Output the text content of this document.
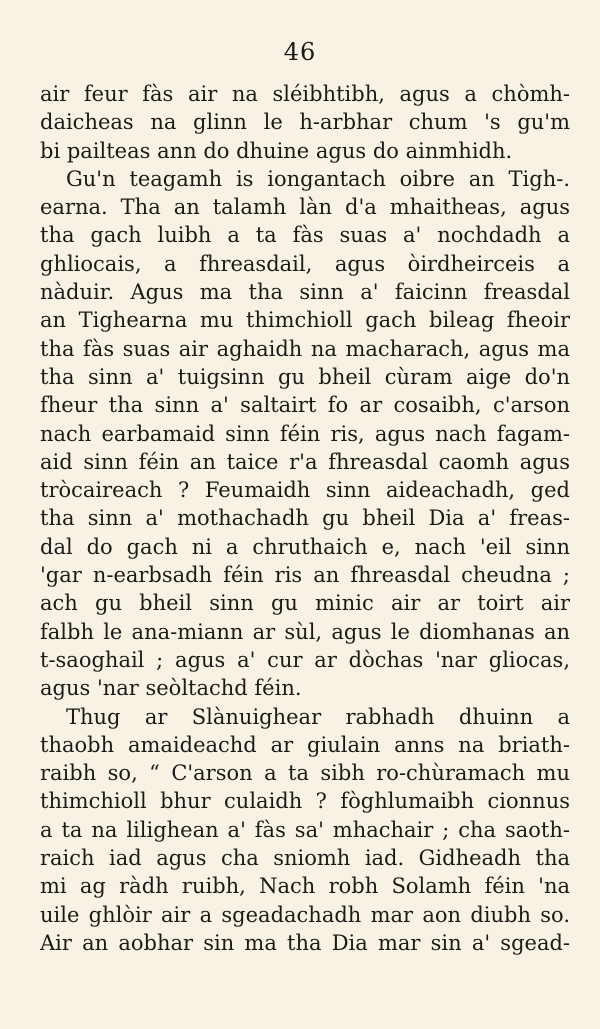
46
air feur fàs air na sléibhtibh, agus a chòmh-
daicheas na glinn le h-arbhar chum 's gu'm
bi pailteas ann do dhuine agus do ainmhidh.
Gu'n teagamh is iongantach oibre an Tigh-.
earna. Tha an talamh làn d'a mhaitheas, agus
tha gach luibh a ta fàs suas a' nochdadh a
ghliocais, a fhreasdail, agus òirdheirceis a
nàduir. Agus ma tha sinn a' faicinn freasdal
an Tighearna mu thimchioll gach bileag fheoir
tha fàs suas air aghaidh na macharach, agus ma
tha sinn a' tuigsinn gu bheil cùram aige do'n
fheur tha sinn a' saltairt fo ar cosaibh, c'arson
nach earbamaid sinn féin ris, agus nach fagam-
aid sinn féin an taice r'a fhreasdal caomh agus
tròcaireach ? Feumaidh sinn aideachadh, ged
tha sinn a' mothachadh gu bheil Dia a' freas-
dal do gach ni a chruthaich e, nach 'eil sinn
'gar n-earbsadh féin ris an fhreasdal cheudna ;
ach gu bheil sinn gu minic air ar toirt air
falbh le ana-miann ar sùl, agus le diomhanas an
t-saoghail ; agus a' cur ar dòchas 'nar gliocas,
agus 'nar seòltachd féin.
Thug ar Slànuighear rabhadh dhuinn a
thaobh amaideachd ar giulain anns na briath-
raibh so, “ C'arson a ta sibh ro-chùramach mu
thimchioll bhur culaidh ? fòghlumaibh cionnus
a ta na lilighean a' fàs sa' mhachair ; cha saoth-
raich iad agus cha sniomh iad. Gidheadh tha
mi ag ràdh ruibh, Nach robh Solamh féin 'na
uile ghlòir air a sgeadachadh mar aon diubh so.
Air an aobhar sin ma tha Dia mar sin a' sgead-
